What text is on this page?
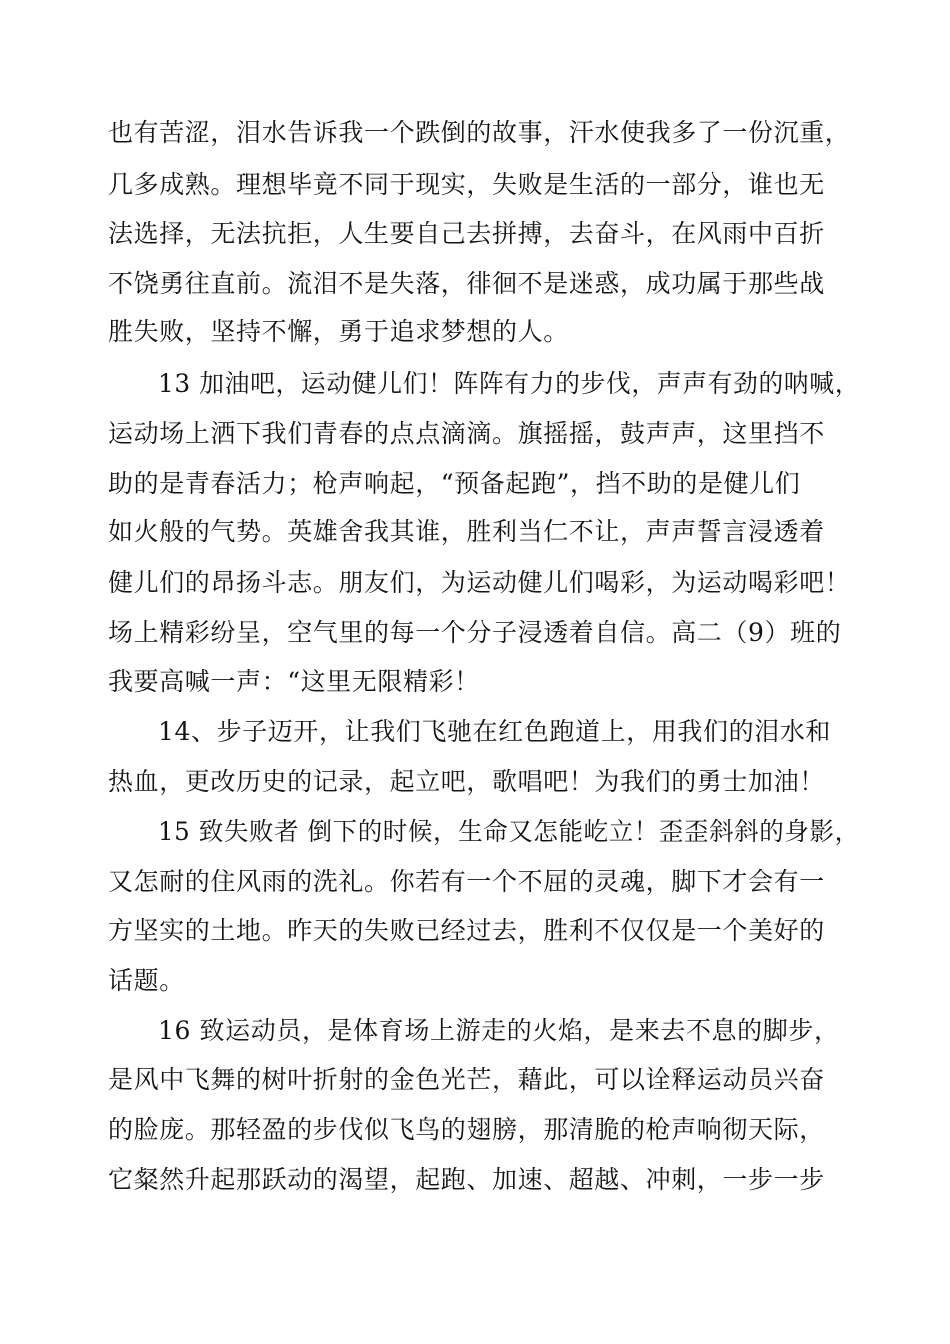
也有苦涩，泪水告诉我一个跌倒的故事，汗水使我多了一份沉重，
几多成熟。理想毕竟不同于现实，失败是生活的一部分，谁也无
法选择，无法抗拒，人生要自己去拼搏，去奋斗，在风雨中百折
不饶勇往直前。流泪不是失落，徘徊不是迷惑，成功属于那些战
胜失败，坚持不懈，勇于追求梦想的人。
13 加油吧，运动健儿们！阵阵有力的步伐，声声有劲的呐喊，
运动场上洒下我们青春的点点滴滴。旗摇摇，鼓声声，这里挡不
助的是青春活力；枪声响起，“预备起跑”，挡不助的是健儿们
如火般的气势。英雄舍我其谁，胜利当仁不让，声声誓言浸透着
健儿们的昂扬斗志。朋友们，为运动健儿们喝彩，为运动喝彩吧！
场上精彩纷呈，空气里的每一个分子浸透着自信。高二（9）班的
我要高喊一声：“这里无限精彩！
14、步子迈开，让我们飞驰在红色跑道上，用我们的泪水和
热血，更改历史的记录，起立吧，歌唱吧！为我们的勇士加油！
15 致失败者 倒下的时候，生命又怎能屹立！歪歪斜斜的身影，
又怎耐的住风雨的洗礼。你若有一个不屈的灵魂，脚下才会有一
方坚实的土地。昨天的失败已经过去，胜利不仅仅是一个美好的
话题。
16 致运动员，是体育场上游走的火焰，是来去不息的脚步，
是风中飞舞的树叶折射的金色光芒，藉此，可以诠释运动员兴奋
的脸庞。那轻盈的步伐似飞鸟的翅膀，那清脆的枪声响彻天际，
它粲然升起那跃动的渴望，起跑、加速、超越、冲刺，一步一步
